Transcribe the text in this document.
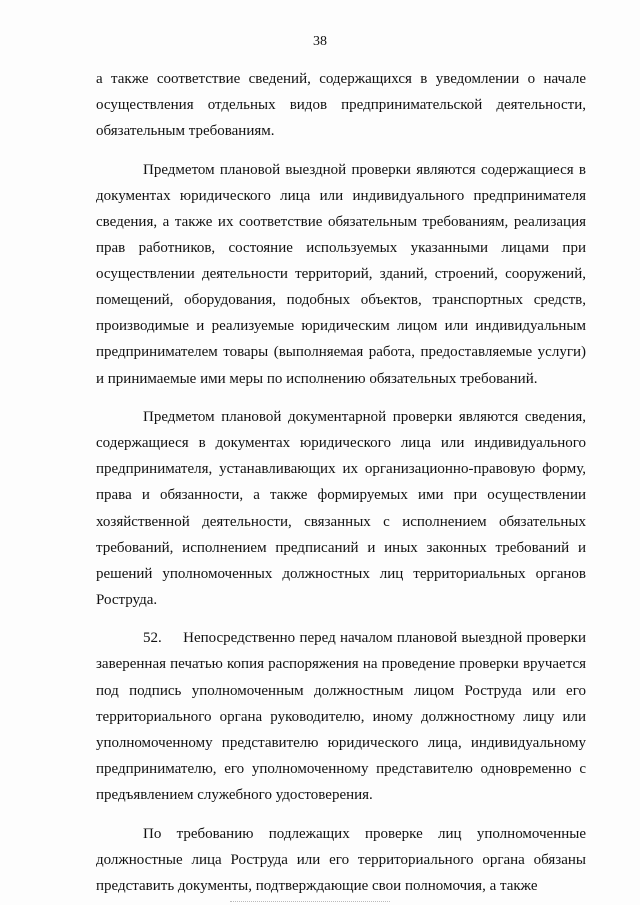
38

а также соответствие сведений, содержащихся в уведомлении о начале осуществления отдельных видов предпринимательской деятельности, обязательным требованиям.

Предметом плановой выездной проверки являются содержащиеся в документах юридического лица или индивидуального предпринимателя сведения, а также их соответствие обязательным требованиям, реализация прав работников, состояние используемых указанными лицами при осуществлении деятельности территорий, зданий, строений, сооружений, помещений, оборудования, подобных объектов, транспортных средств, производимые и реализуемые юридическим лицом или индивидуальным предпринимателем товары (выполняемая работа, предоставляемые услуги) и принимаемые ими меры по исполнению обязательных требований.

Предметом плановой документарной проверки являются сведения, содержащиеся в документах юридического лица или индивидуального предпринимателя, устанавливающих их организационно-правовую форму, права и обязанности, а также формируемых ими при осуществлении хозяйственной деятельности, связанных с исполнением обязательных требований, исполнением предписаний и иных законных требований и решений уполномоченных должностных лиц территориальных органов Роструда.

52.     Непосредственно перед началом плановой выездной проверки заверенная печатью копия распоряжения на проведение проверки вручается под подпись уполномоченным должностным лицом Роструда или его территориального органа руководителю, иному должностному лицу или уполномоченному представителю юридического лица, индивидуальному предпринимателю, его уполномоченному представителю одновременно с предъявлением служебного удостоверения.

По требованию подлежащих проверке лиц уполномоченные должностные лица Роструда или его территориального органа обязаны представить документы, подтверждающие свои полномочия, а также
